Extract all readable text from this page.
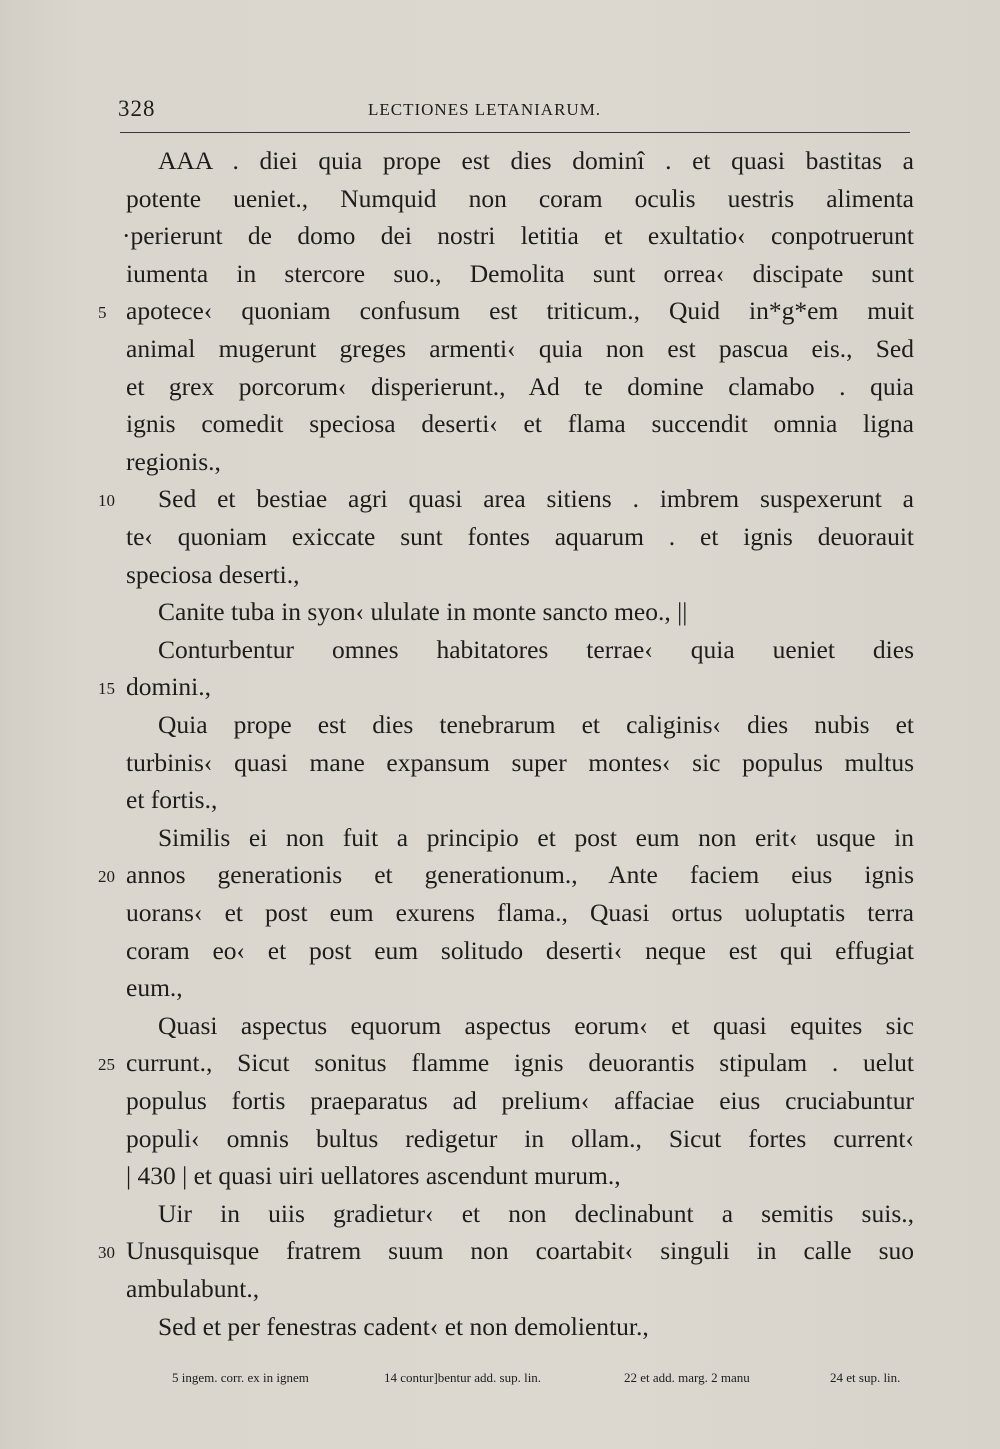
328	LECTIONES LETANIARUM.
AAA . diei quia prope est dies dominî . et quasi bastitas a
potente ueniet., Numquid non coram oculis uestris alimenta
·perierunt de domo dei nostri letitia et exultatio‹ conpotruerunt
iumenta in stercore suo., Demolita sunt orrea‹ discipate sunt
5 apotece‹ quoniam confusum est triticum., Quid in*g*em muit
animal mugerunt greges armenti‹ quia non est pascua eis., Sed
et grex porcorum‹ disperierunt., Ad te domine clamabo . quia
ignis comedit speciosa deserti‹ et flama succendit omnia ligna
regionis.,
10 Sed et bestiae agri quasi area sitiens . imbrem suspexerunt a
te‹ quoniam exiccate sunt fontes aquarum . et ignis deuorauit
speciosa deserti.,
Canite tuba in syon‹ ululate in monte sancto meo., ||
Conturbentur omnes habitatores terrae‹ quia ueniet dies
15 domini.,
Quia prope est dies tenebrarum et caliginis‹ dies nubis et
turbinis‹ quasi mane expansum super montes‹ sic populus multus
et fortis.,
Similis ei non fuit a principio et post eum non erit‹ usque in
20 annos generationis et generationum., Ante faciem eius ignis
uorans‹ et post eum exurens flama., Quasi ortus uoluptatis terra
coram eo‹ et post eum solitudo deserti‹ neque est qui effugiat
eum.,
Quasi aspectus equorum aspectus eorum‹ et quasi equites sic
25 currunt., Sicut sonitus flamme ignis deuorantis stipulam . uelut
populus fortis praeparatus ad prelium‹ affaciae eius cruciabuntur
populi‹ omnis bultus redigetur in ollam., Sicut fortes current‹
| 430 | et quasi uiri uellatores ascendunt murum.,
Uir in uiis gradietur‹ et non declinabunt a semitis suis.,
30 Unusquisque fratrem suum non coartabit‹ singuli in calle suo
ambulabunt.,
Sed et per fenestras cadent‹ et non demolientur.,
5 ingem. corr. ex in ignem	14 contur]bentur add. sup. lin.	22 et add. marg. 2 manu	24 et sup. lin.
